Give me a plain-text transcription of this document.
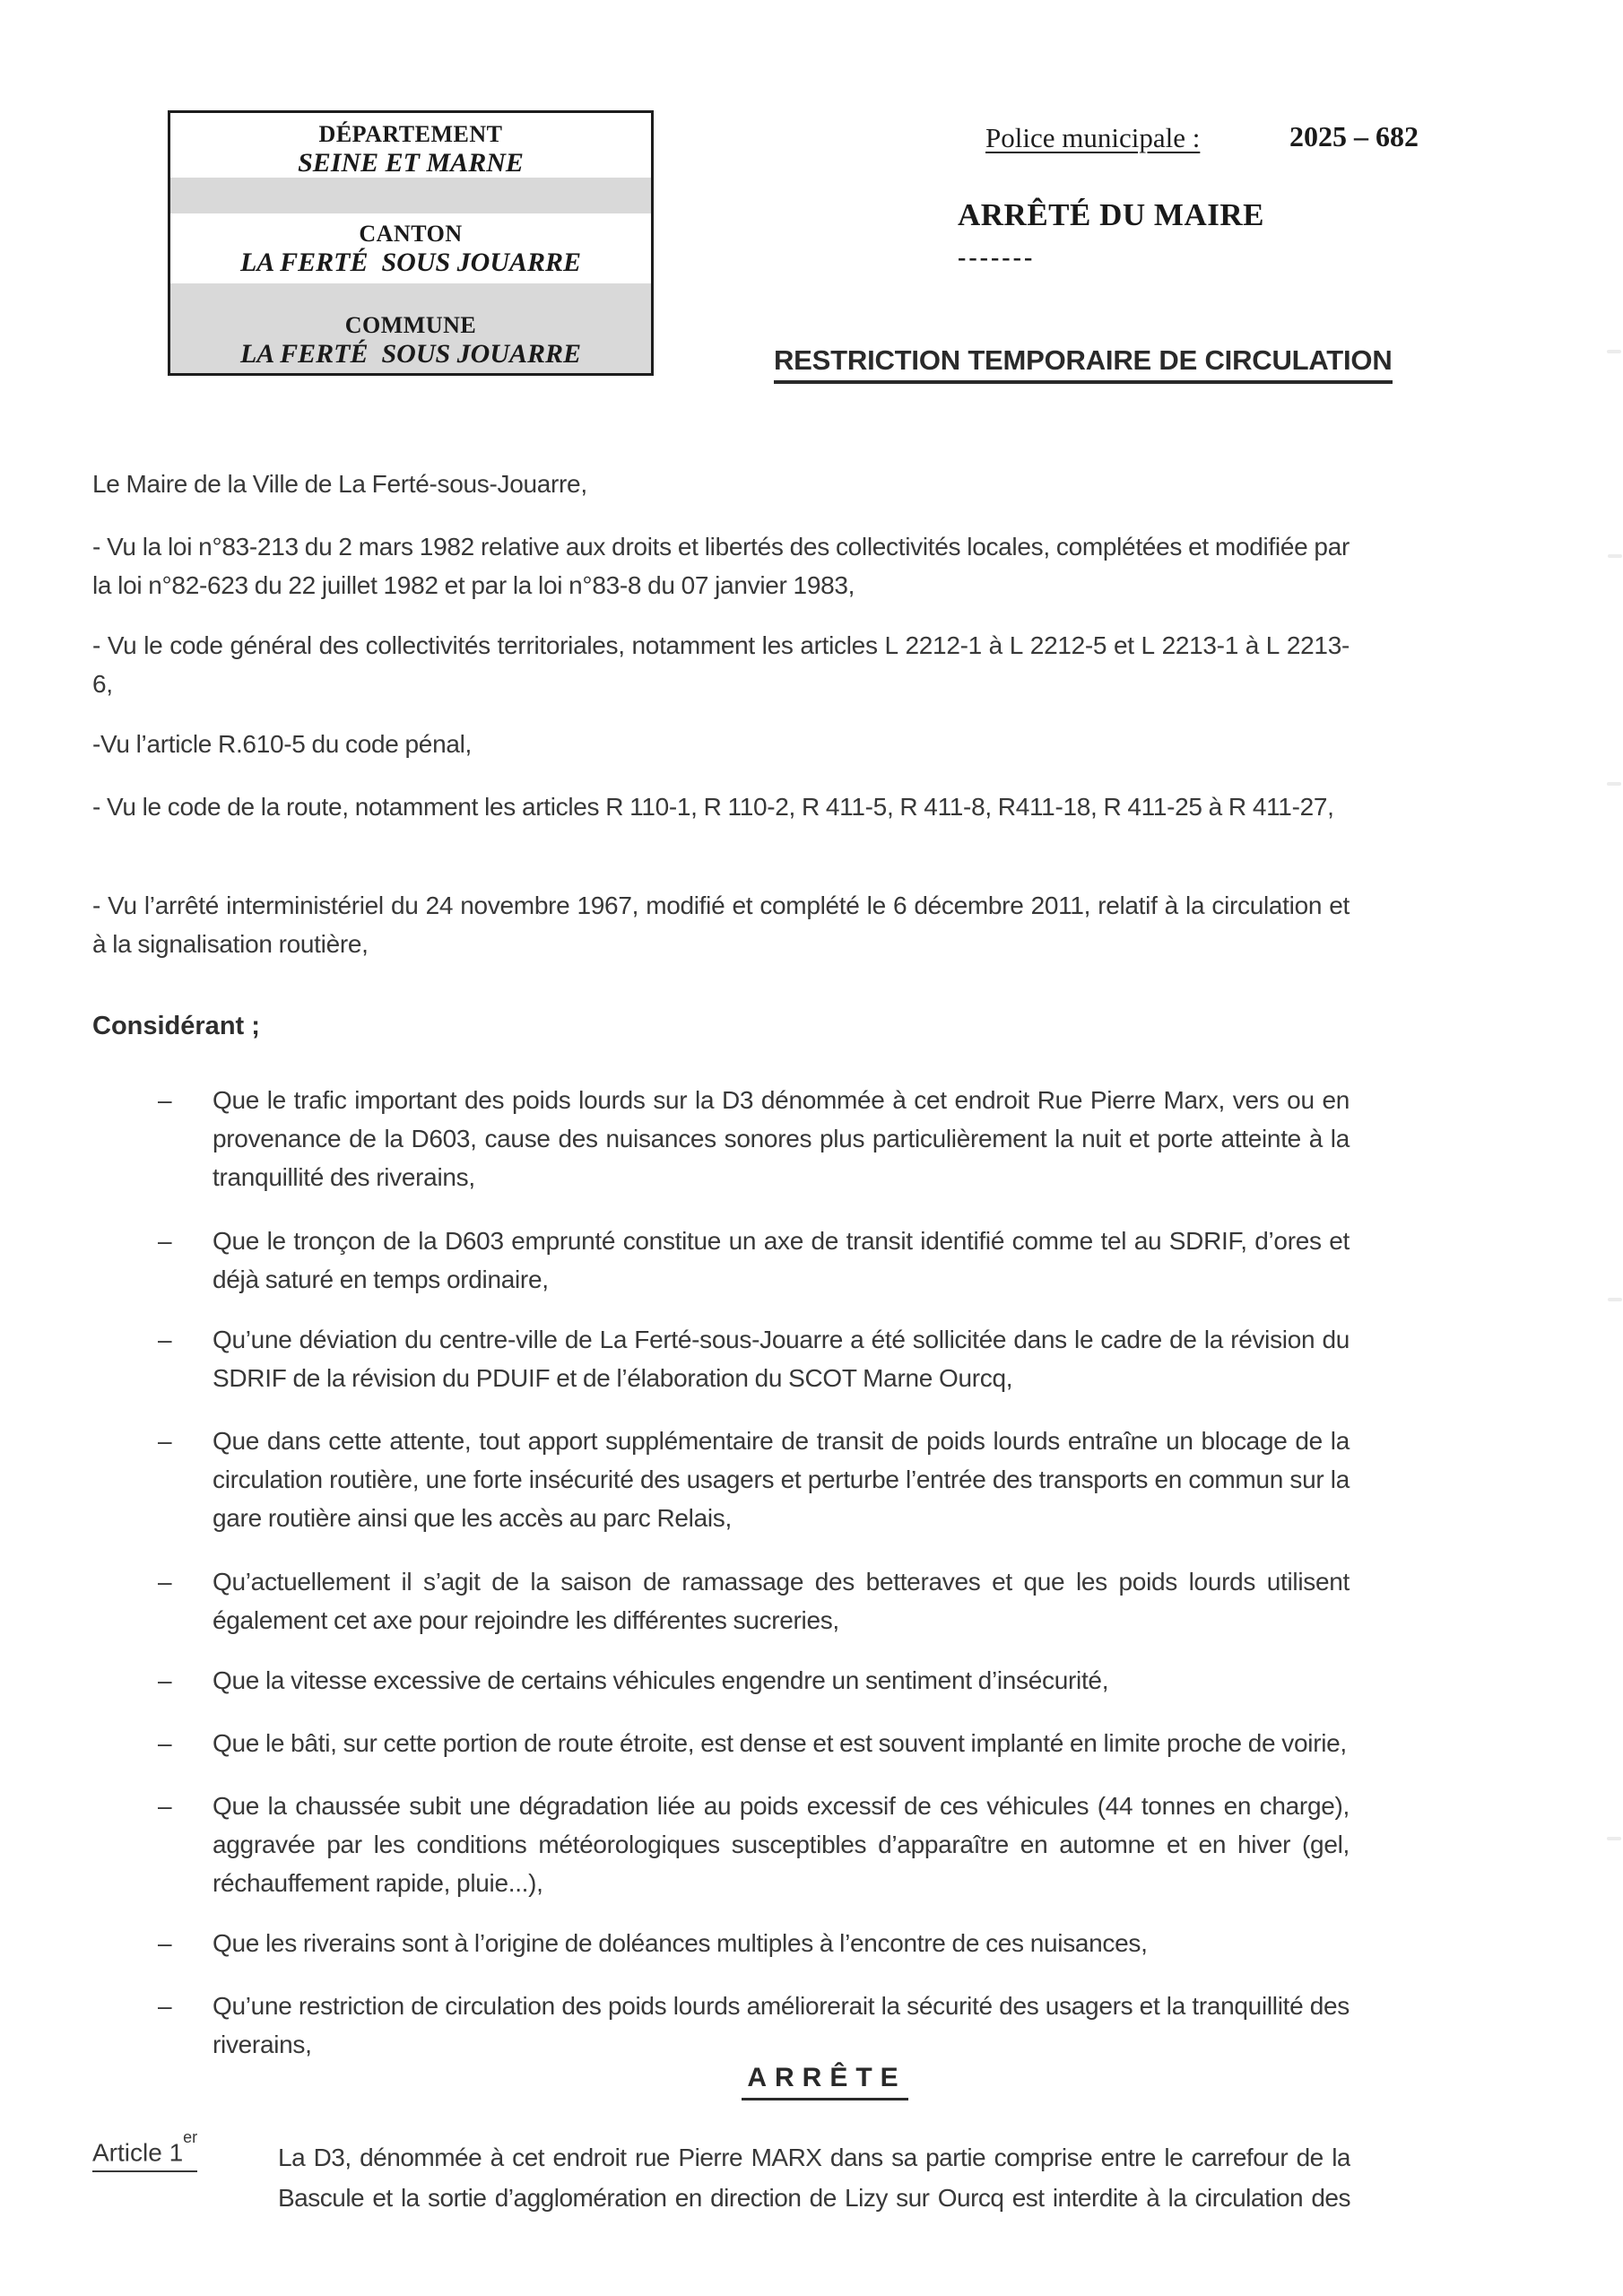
DÉPARTEMENT
SEINE ET MARNE
CANTON
LA FERTÉ  SOUS JOUARRE
COMMUNE
LA FERTÉ  SOUS JOUARRE
Police municipale :	2025 – 682
ARRÊTÉ DU MAIRE
-------
RESTRICTION TEMPORAIRE DE CIRCULATION
Le Maire de la Ville de La Ferté-sous-Jouarre,
- Vu la loi n°83-213 du 2 mars 1982 relative aux droits et libertés des collectivités locales, complétées et modifiée par la loi n°82-623 du 22 juillet 1982 et par la loi n°83-8 du 07 janvier 1983,
- Vu le code général des collectivités territoriales, notamment les articles L 2212-1 à L 2212-5 et L 2213-1 à L 2213-6,
-Vu l’article R.610-5 du code pénal,
- Vu le code de la route, notamment les articles R 110-1, R 110-2, R 411-5, R 411-8, R411-18, R 411-25 à R 411-27,
- Vu l’arrêté interministériel du 24 novembre 1967, modifié et complété le 6 décembre 2011, relatif à la circulation et à la signalisation routière,
Considérant ;
–	Que le trafic important des poids lourds sur la D3 dénommée à cet endroit Rue Pierre Marx, vers ou en provenance de la D603, cause des nuisances sonores plus particulièrement la nuit et porte atteinte à la tranquillité des riverains,
–	Que le tronçon de la D603 emprunté constitue un axe de transit identifié comme tel au SDRIF, d’ores et déjà saturé en temps ordinaire,
–	Qu’une déviation du centre-ville de La Ferté-sous-Jouarre a été sollicitée dans le cadre de la révision du SDRIF de la révision du PDUIF et de l’élaboration du SCOT Marne Ourcq,
–	Que dans cette attente, tout apport supplémentaire de transit de poids lourds entraîne un blocage de la circulation routière, une forte insécurité des usagers et perturbe l’entrée des transports en commun sur la gare routière ainsi que les accès au parc Relais,
–	Qu’actuellement il s’agit de la saison de ramassage des betteraves et que les poids lourds utilisent également cet axe pour rejoindre les différentes sucreries,
–	Que la vitesse excessive de certains véhicules engendre un sentiment d’insécurité,
–	Que le bâti, sur cette portion de route étroite, est dense et est souvent implanté en limite proche de voirie,
–	Que la chaussée subit une dégradation liée au poids excessif de ces véhicules (44 tonnes en charge), aggravée par les conditions météorologiques susceptibles d’apparaître en automne et en hiver (gel, réchauffement rapide, pluie...),
–	Que les riverains sont à l’origine de doléances multiples à l’encontre de ces nuisances,
–	Qu’une restriction de circulation des poids lourds améliorerait la sécurité des usagers et la tranquillité des riverains,
ARRÊTE
Article 1er
La D3, dénommée à cet endroit rue Pierre MARX dans sa partie comprise entre le carrefour de la Bascule et la sortie d’agglomération en direction de Lizy sur Ourcq est interdite à la circulation des
